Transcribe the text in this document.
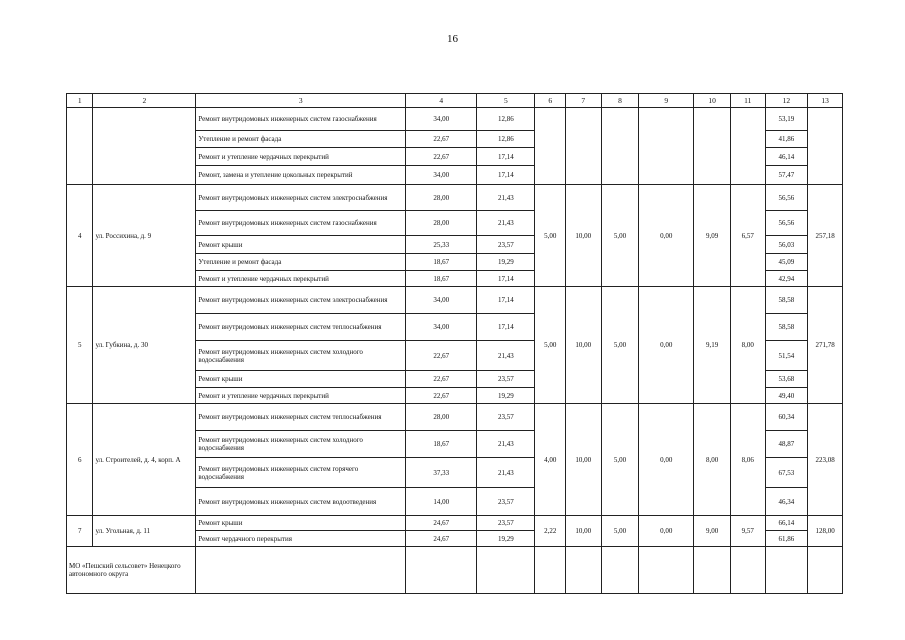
16
1	2	3	4	5	6	7	8	9	10	11	12	13
		Ремонт внутридомовых инженерных систем газоснабжения	34,00	12,86							53,19	
		Утепление и ремонт фасада	22,67	12,86							41,86	
		Ремонт и утепление чердачных перекрытий	22,67	17,14							46,14	
		Ремонт, замена и утепление цокольных перекрытий	34,00	17,14							57,47	
4	ул. Россихина, д. 9	Ремонт внутридомовых инженерных систем электроснабжения	28,00	21,43	5,00	10,00	5,00	0,00	9,09	6,57	56,56	257,18
		Ремонт внутридомовых инженерных систем газоснабжения	28,00	21,43							56,56	
		Ремонт крыши	25,33	23,57							56,03	
		Утепление и ремонт фасада	18,67	19,29							45,09	
		Ремонт и утепление чердачных перекрытий	18,67	17,14							42,94	
5	ул. Губкина, д. 30	Ремонт внутридомовых инженерных систем электроснабжения	34,00	17,14	5,00	10,00	5,00	0,00	9,19	8,00	58,58	271,78
		Ремонт внутридомовых инженерных систем теплоснабжения	34,00	17,14							58,58	
		Ремонт внутридомовых инженерных систем холодного водоснабжения	22,67	21,43							51,54	
		Ремонт крыши	22,67	23,57							53,68	
		Ремонт и утепление чердачных перекрытий	22,67	19,29							49,40	
6	ул. Строителей, д. 4, корп. А	Ремонт внутридомовых инженерных систем теплоснабжения	28,00	23,57	4,00	10,00	5,00	0,00	8,00	8,06	60,34	223,08
		Ремонт внутридомовых инженерных систем холодного водоснабжения	18,67	21,43							48,87	
		Ремонт внутридомовых инженерных систем горячего водоснабжения	37,33	21,43							67,53	
		Ремонт внутридомовых инженерных систем водоотведения	14,00	23,57							46,34	
7	ул. Угольная, д. 11	Ремонт крыши	24,67	23,57	2,22	10,00	5,00	0,00	9,00	9,57	66,14	128,00
		Ремонт чердачного перекрытия	24,67	19,29							61,86	
МО «Пешский сельсовет» Ненецкого автономного округа												
